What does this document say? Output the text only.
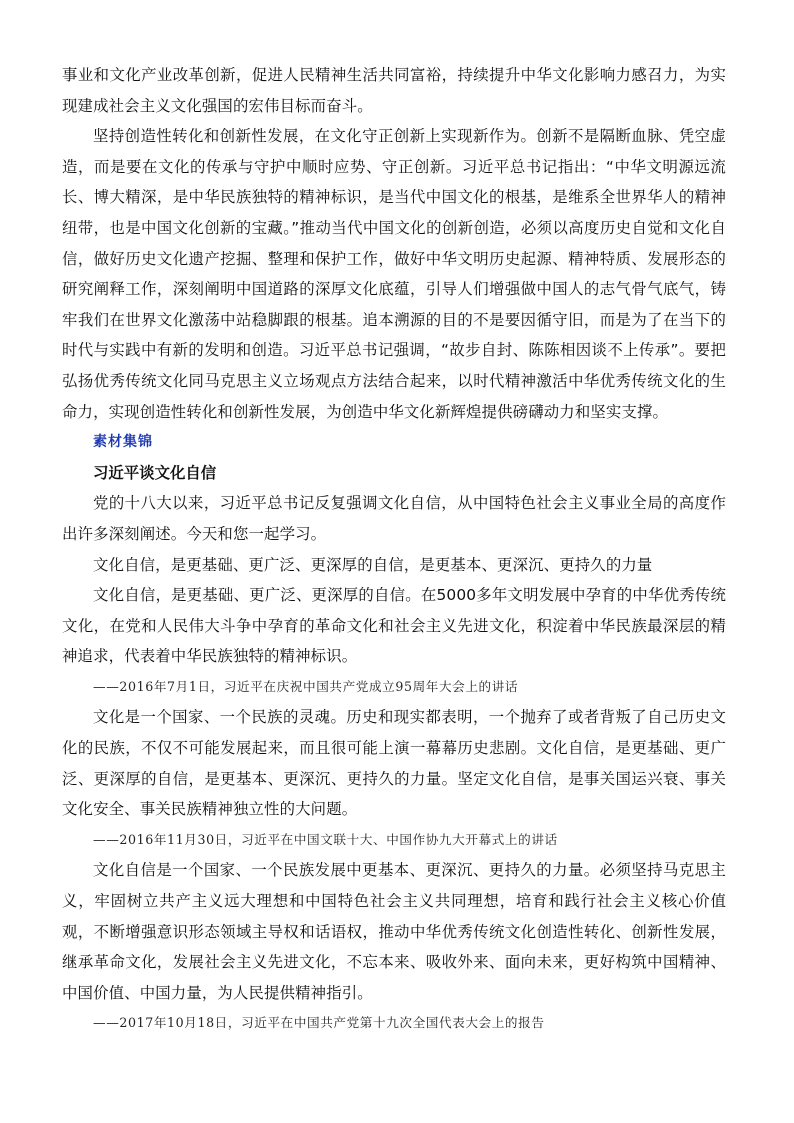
事业和文化产业改革创新，促进人民精神生活共同富裕，持续提升中华文化影响力感召力，为实现建成社会主义文化强国的宏伟目标而奋斗。

坚持创造性转化和创新性发展，在文化守正创新上实现新作为。创新不是隔断血脉、凭空虚造，而是要在文化的传承与守护中顺时应势、守正创新。习近平总书记指出：“中华文明源远流长、博大精深，是中华民族独特的精神标识，是当代中国文化的根基，是维系全世界华人的精神纽带，也是中国文化创新的宝藏。”推动当代中国文化的创新创造，必须以高度历史自觉和文化自信，做好历史文化遗产挖掘、整理和保护工作，做好中华文明历史起源、精神特质、发展形态的研究阐释工作，深刻阐明中国道路的深厚文化底蕴，引导人们增强做中国人的志气骨气底气，铸牢我们在世界文化激荡中站稳脚跟的根基。追本溯源的目的不是要因循守旧，而是为了在当下的时代与实践中有新的发明和创造。习近平总书记强调，“故步自封、陈陈相因谈不上传承”。要把弘扬优秀传统文化同马克思主义立场观点方法结合起来，以时代精神激活中华优秀传统文化的生命力，实现创造性转化和创新性发展，为创造中华文化新辉煌提供磅礴动力和坚实支撑。

素材集锦
习近平谈文化自信

党的十八大以来，习近平总书记反复强调文化自信，从中国特色社会主义事业全局的高度作出许多深刻阐述。今天和您一起学习。

文化自信，是更基础、更广泛、更深厚的自信，是更基本、更深沉、更持久的力量

文化自信，是更基础、更广泛、更深厚的自信。在5000多年文明发展中孕育的中华优秀传统文化，在党和人民伟大斗争中孕育的革命文化和社会主义先进文化，积淀着中华民族最深层的精神追求，代表着中华民族独特的精神标识。

——2016年7月1日，习近平在庆祝中国共产党成立95周年大会上的讲话

文化是一个国家、一个民族的灵魂。历史和现实都表明，一个抛弃了或者背叛了自己历史文化的民族，不仅不可能发展起来，而且很可能上演一幕幕历史悲剧。文化自信，是更基础、更广泛、更深厚的自信，是更基本、更深沉、更持久的力量。坚定文化自信，是事关国运兴衰、事关文化安全、事关民族精神独立性的大问题。

——2016年11月30日，习近平在中国文联十大、中国作协九大开幕式上的讲话

文化自信是一个国家、一个民族发展中更基本、更深沉、更持久的力量。必须坚持马克思主义，牢固树立共产主义远大理想和中国特色社会主义共同理想，培育和践行社会主义核心价值观，不断增强意识形态领域主导权和话语权，推动中华优秀传统文化创造性转化、创新性发展，继承革命文化，发展社会主义先进文化，不忘本来、吸收外来、面向未来，更好构筑中国精神、中国价值、中国力量，为人民提供精神指引。

——2017年10月18日，习近平在中国共产党第十九次全国代表大会上的报告
